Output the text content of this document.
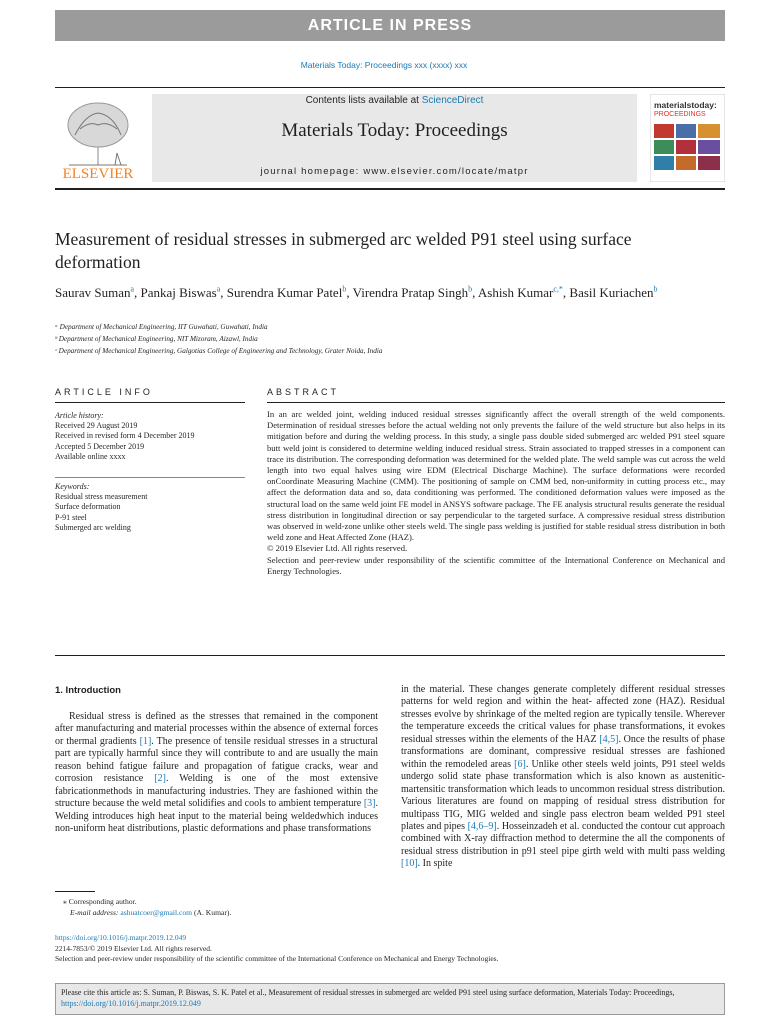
ARTICLE IN PRESS
Materials Today: Proceedings xxx (xxxx) xxx
ELSEVIER
Contents lists available at ScienceDirect
Materials Today: Proceedings
journal homepage: www.elsevier.com/locate/matpr
materialstoday:
PROCEEDINGS
Measurement of residual stresses in submerged arc welded P91 steel using surface deformation
Saurav Suman$^a$, Pankaj Biswas$^a$, Surendra Kumar Patel$^b$, Virendra Pratap Singh$^b$, Ashish Kumar$^{c,*}$, Basil Kuriachen$^b$
ᵃ Department of Mechanical Engineering, IIT Guwahati, Guwahati, India
ᵇ Department of Mechanical Engineering, NIT Mizoram, Aizawl, India
ᶜ Department of Mechanical Engineering, Galgotias College of Engineering and Technology, Grater Noida, India
ARTICLE INFO
Article history:
Received 29 August 2019
Received in revised form 4 December 2019
Accepted 5 December 2019
Available online xxxx
Keywords:
Residual stress measurement
Surface deformation
P-91 steel
Submerged arc welding
ABSTRACT

In an arc welded joint, welding induced residual stresses significantly affect the overall strength of the weld components. Determination of residual stresses before the actual welding not only prevents the failure of the weld structure but also helps in its mitigation before and during the welding process. In this study, a single pass double sided submerged arc welded P91 steel square butt weld joint is considered to determine welding induced residual stress. Strain associated to trapped stresses in a component can trace its distribution. The corresponding deformation was determined for the welded plate. The weld sample was cut across the weld length into two equal halves using wire EDM (Electrical Discharge Machine). The surface deformations were recorded onCoordinate Measuring Machine (CMM). The positioning of sample on CMM bed, non-uniformity in cutting process etc., may affect the deformation data and so, data conditioning was performed. The conditioned deformation values were imposed as the structural load on the same weld joint FE model in ANSYS software package. The FE analysis structural results generate the residual stress distribution in longitudinal direction or say perpendicular to the targeted surface. A compressive residual stress distribution was observed in weld-zone unlike other steels weld. The single pass welding is justified for stable residual stress distribution in both weld zone and Heat Affected Zone (HAZ).

© 2019 Elsevier Ltd. All rights reserved.

Selection and peer-review under responsibility of the scientific committee of the International Conference on Mechanical and Energy Technologies.

1. Introduction

Residual stress is defined as the stresses that remained in the component after manufacturing and material processes within the absence of external forces or thermal gradients [1]. The presence of tensile residual stresses in a structural part are typically harmful since they will contribute to and are usually the main reason behind fatigue failure and propagation of fatigue cracks, wear and corrosion resistance [2]. Welding is one of the most extensive fabricationmethods in manufacturing industries. They are fashioned within the structure because the weld metal solidifies and cools to ambient temperature [3]. Welding introduces high heat input to the material being weldedwhich induces non-uniform heat distributions, plastic deformations and phase transformations

in the material. These changes generate completely different residual stresses patterns for weld region and within the heat- affected zone (HAZ). Residual stresses evolve by shrinkage of the melted region are typically tensile. Wherever the temperature exceeds the critical values for phase transformations, it evokes residual stresses within the elements of the HAZ [4,5]. Once the results of phase transformations are dominant, compressive residual stresses are fashioned within the remodeled areas [6]. Unlike other steels weld joints, P91 steel welds undergo solid state phase transformation which is also known as austenitic-martensitic transformation which leads to uncommon residual stress distribution. Various literatures are found on mapping of residual stress distribution for multipass TIG, MIG welded and single pass electron beam welded P91 steel plates and pipes [4,6–9]. Hosseinzadeh et al. conducted the contour cut approach combined with X-ray diffraction method to determine the all the components of residual stress distribution in p91 steel pipe girth weld with multi pass welding [10]. In spite

⁎ Corresponding author.
E-mail address: ashuatcoer@gmail.com (A. Kumar).
https://doi.org/10.1016/j.matpr.2019.12.049
2214-7853/© 2019 Elsevier Ltd. All rights reserved.
Selection and peer-review under responsibility of the scientific committee of the International Conference on Mechanical and Energy Technologies.
Please cite this article as: S. Suman, P. Biswas, S. K. Patel et al., Measurement of residual stresses in submerged arc welded P91 steel using surface deformation, Materials Today: Proceedings, https://doi.org/10.1016/j.matpr.2019.12.049
